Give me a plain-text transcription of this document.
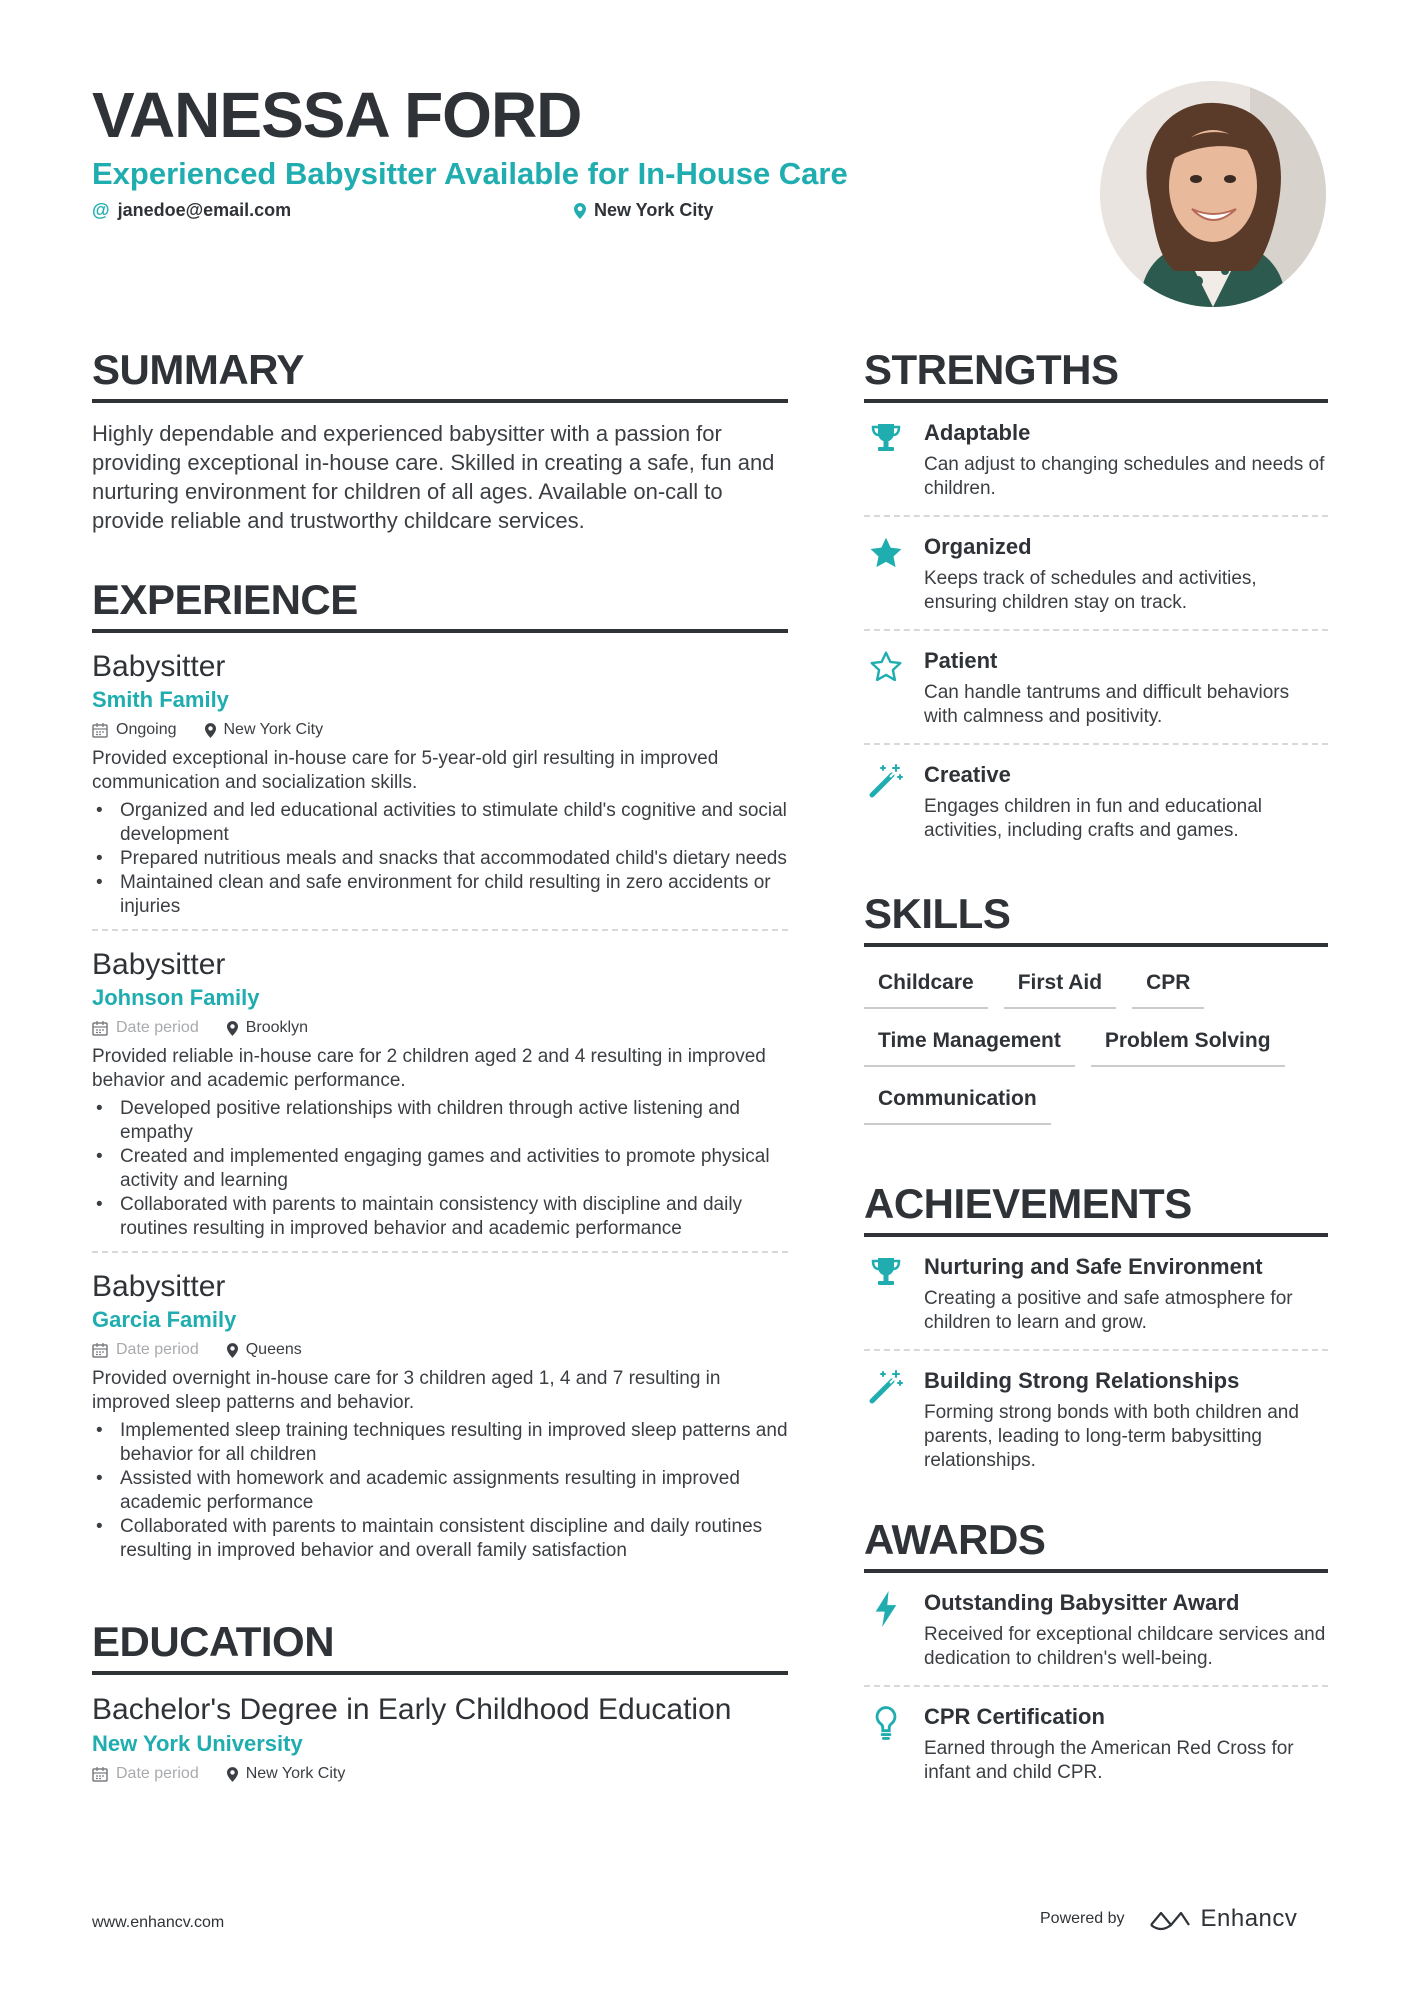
VANESSA FORD
Experienced Babysitter Available for In-House Care
@ janedoe@email.com	New York City
SUMMARY
Highly dependable and experienced babysitter with a passion for providing exceptional in-house care. Skilled in creating a safe, fun and nurturing environment for children of all ages. Available on-call to provide reliable and trustworthy childcare services.
EXPERIENCE
Babysitter
Smith Family
Ongoing	New York City
Provided exceptional in-house care for 5-year-old girl resulting in improved communication and socialization skills.
• Organized and led educational activities to stimulate child's cognitive and social development
• Prepared nutritious meals and snacks that accommodated child's dietary needs
• Maintained clean and safe environment for child resulting in zero accidents or injuries
Babysitter
Johnson Family
Date period	Brooklyn
Provided reliable in-house care for 2 children aged 2 and 4 resulting in improved behavior and academic performance.
• Developed positive relationships with children through active listening and empathy
• Created and implemented engaging games and activities to promote physical activity and learning
• Collaborated with parents to maintain consistency with discipline and daily routines resulting in improved behavior and academic performance
Babysitter
Garcia Family
Date period	Queens
Provided overnight in-house care for 3 children aged 1, 4 and 7 resulting in improved sleep patterns and behavior.
• Implemented sleep training techniques resulting in improved sleep patterns and behavior for all children
• Assisted with homework and academic assignments resulting in improved academic performance
• Collaborated with parents to maintain consistent discipline and daily routines resulting in improved behavior and overall family satisfaction
EDUCATION
Bachelor's Degree in Early Childhood Education
New York University
Date period	New York City
STRENGTHS
Adaptable
Can adjust to changing schedules and needs of children.
Organized
Keeps track of schedules and activities, ensuring children stay on track.
Patient
Can handle tantrums and difficult behaviors with calmness and positivity.
Creative
Engages children in fun and educational activities, including crafts and games.
SKILLS
Childcare	First Aid	CPR
Time Management	Problem Solving
Communication
ACHIEVEMENTS
Nurturing and Safe Environment
Creating a positive and safe atmosphere for children to learn and grow.
Building Strong Relationships
Forming strong bonds with both children and parents, leading to long-term babysitting relationships.
AWARDS
Outstanding Babysitter Award
Received for exceptional childcare services and dedication to children's well-being.
CPR Certification
Earned through the American Red Cross for infant and child CPR.
www.enhancv.com	Powered by	Enhancv
